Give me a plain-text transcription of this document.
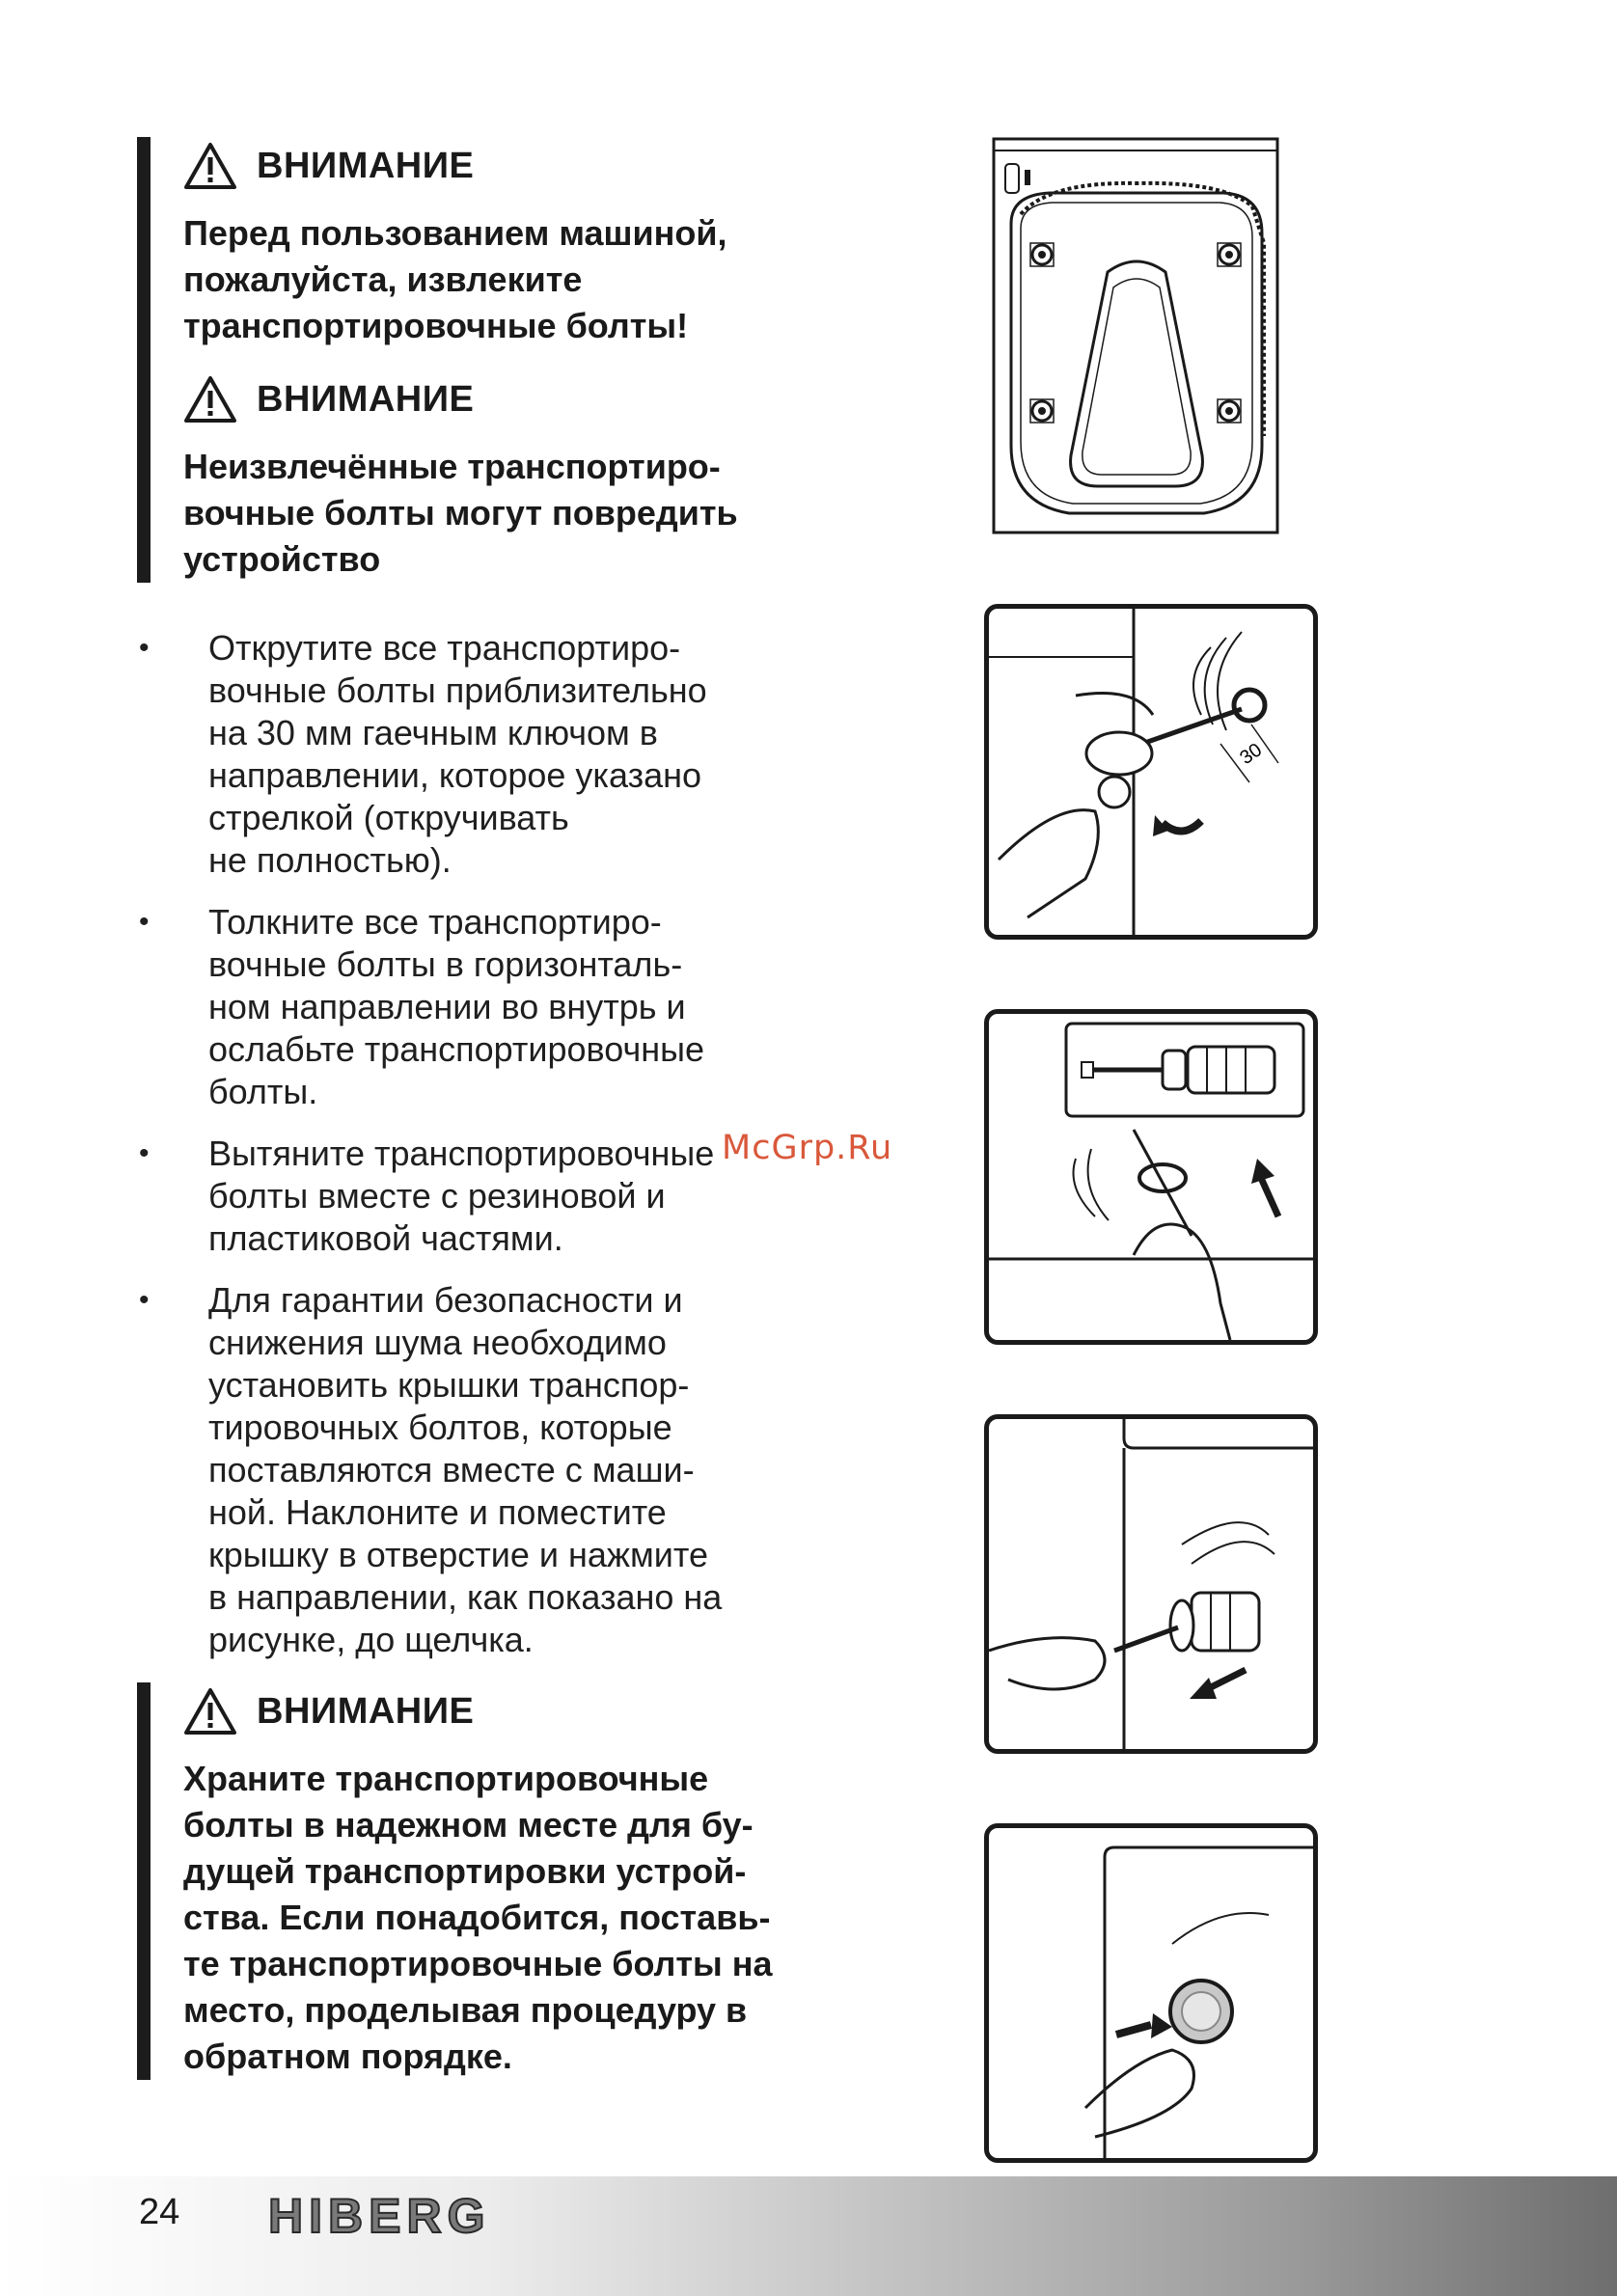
ВНИМАНИЕ
Перед пользованием машиной,
пожалуйста, извлеките
транспортировочные болты!
ВНИМАНИЕ
Неизвлечённые транспортиро-
вочные болты могут повредить
устройство
• Открутите все транспортиро-
вочные болты приблизительно
на 30 мм гаечным ключом в
направлении, которое указано
стрелкой (откручивать
не полностью).
• Толкните все транспортиро-
вочные болты в горизонталь-
ном направлении во внутрь и
ослабьте транспортировочные
болты.
• Вытяните транспортировочные
болты вместе с резиновой и
пластиковой частями.
• Для гарантии безопасности и
снижения шума необходимо
установить крышки транспор-
тировочных болтов, которые
поставляются вместе с маши-
ной. Наклоните и поместите
крышку в отверстие и нажмите
в направлении, как показано на
рисунке, до щелчка.
ВНИМАНИЕ
Храните транспортировочные
болты в надежном месте для бу-
дущей транспортировки устрой-
ства. Если понадобится, поставь-
те транспортировочные болты на
место, проделывая процедуру в
обратном порядке.
30
McGrp.Ru
24 HIBERG
